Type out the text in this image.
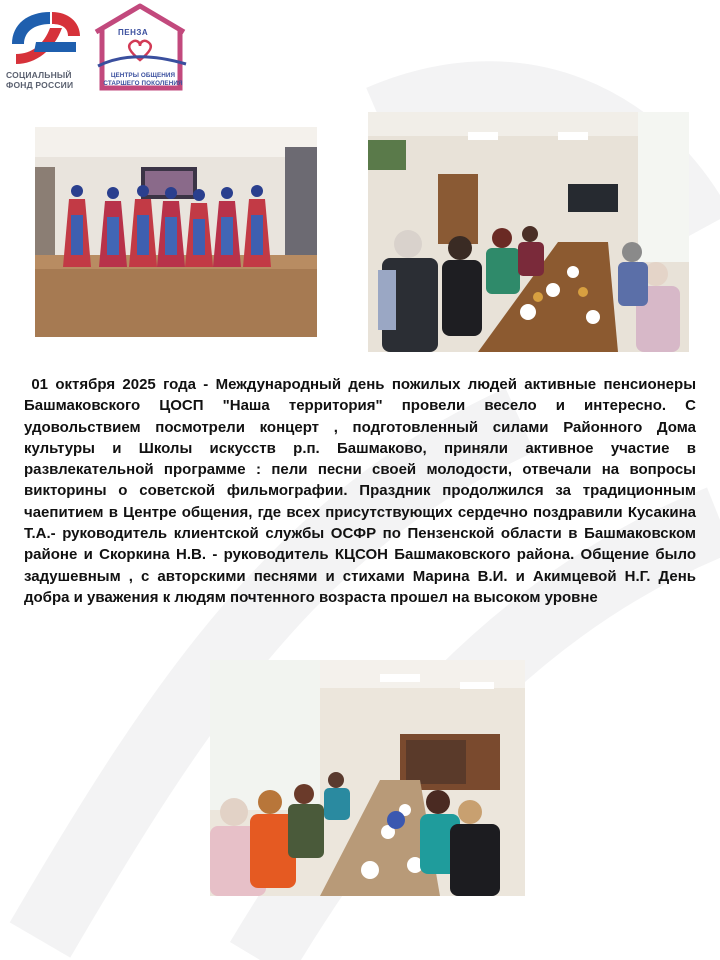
СОЦИАЛЬНЫЙ
ФОНД РОССИИ
ПЕНЗА
ЦЕНТРЫ ОБЩЕНИЯ
СТАРШЕГО ПОКОЛЕНИЯ
01 октября 2025 года - Международный день пожилых людей активные пенсионеры Башмаковского ЦОСП "Наша территория" провели весело и интересно. С удовольствием посмотрели концерт , подготовленный силами Районного Дома культуры и Школы искусств р.п. Башмаково, приняли активное участие в развлекательной программе : пели песни своей молодости, отвечали на вопросы викторины о советской фильмографии. Праздник продолжился за традиционным чаепитием в Центре общения, где всех присутствующих сердечно поздравили Кусакина Т.А.- руководитель клиентской службы ОСФР по Пензенской области в Башмаковском районе и Скоркина Н.В. - руководитель КЦСОН Башмаковского района. Общение было задушевным , с авторскими песнями и стихами Марина В.И. и Акимцевой Н.Г. День добра и уважения к людям почтенного возраста прошел на высоком уровне
